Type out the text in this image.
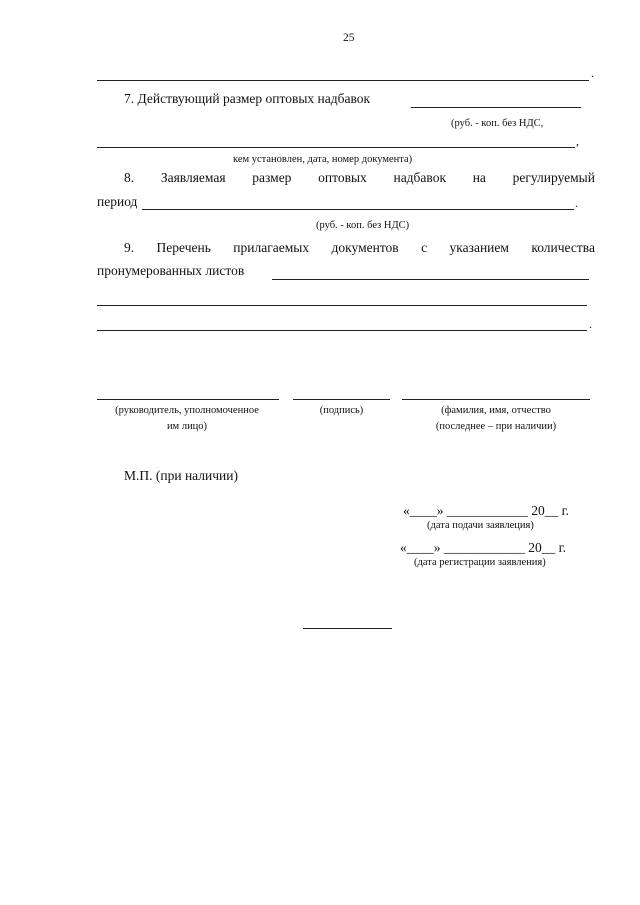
25
.
7. Действующий размер оптовых надбавок
(руб. - коп. без НДС,
,
кем установлен, дата, номер документа)
8. Заявляемая размер оптовых надбавок на регулируемый
период	.
(руб. - коп. без НДС)
9. Перечень прилагаемых документов с указанием количества
пронумерованных листов
.
(руководитель, уполномоченное
им лицо)
(подпись)	(фамилия, имя, отчество
(последнее – при наличии)
М.П. (при наличии)
«____» ____________ 20__ г.
(дата подачи заявлеция)
«____» ____________ 20__ г.
(дата регистрации заявления)
